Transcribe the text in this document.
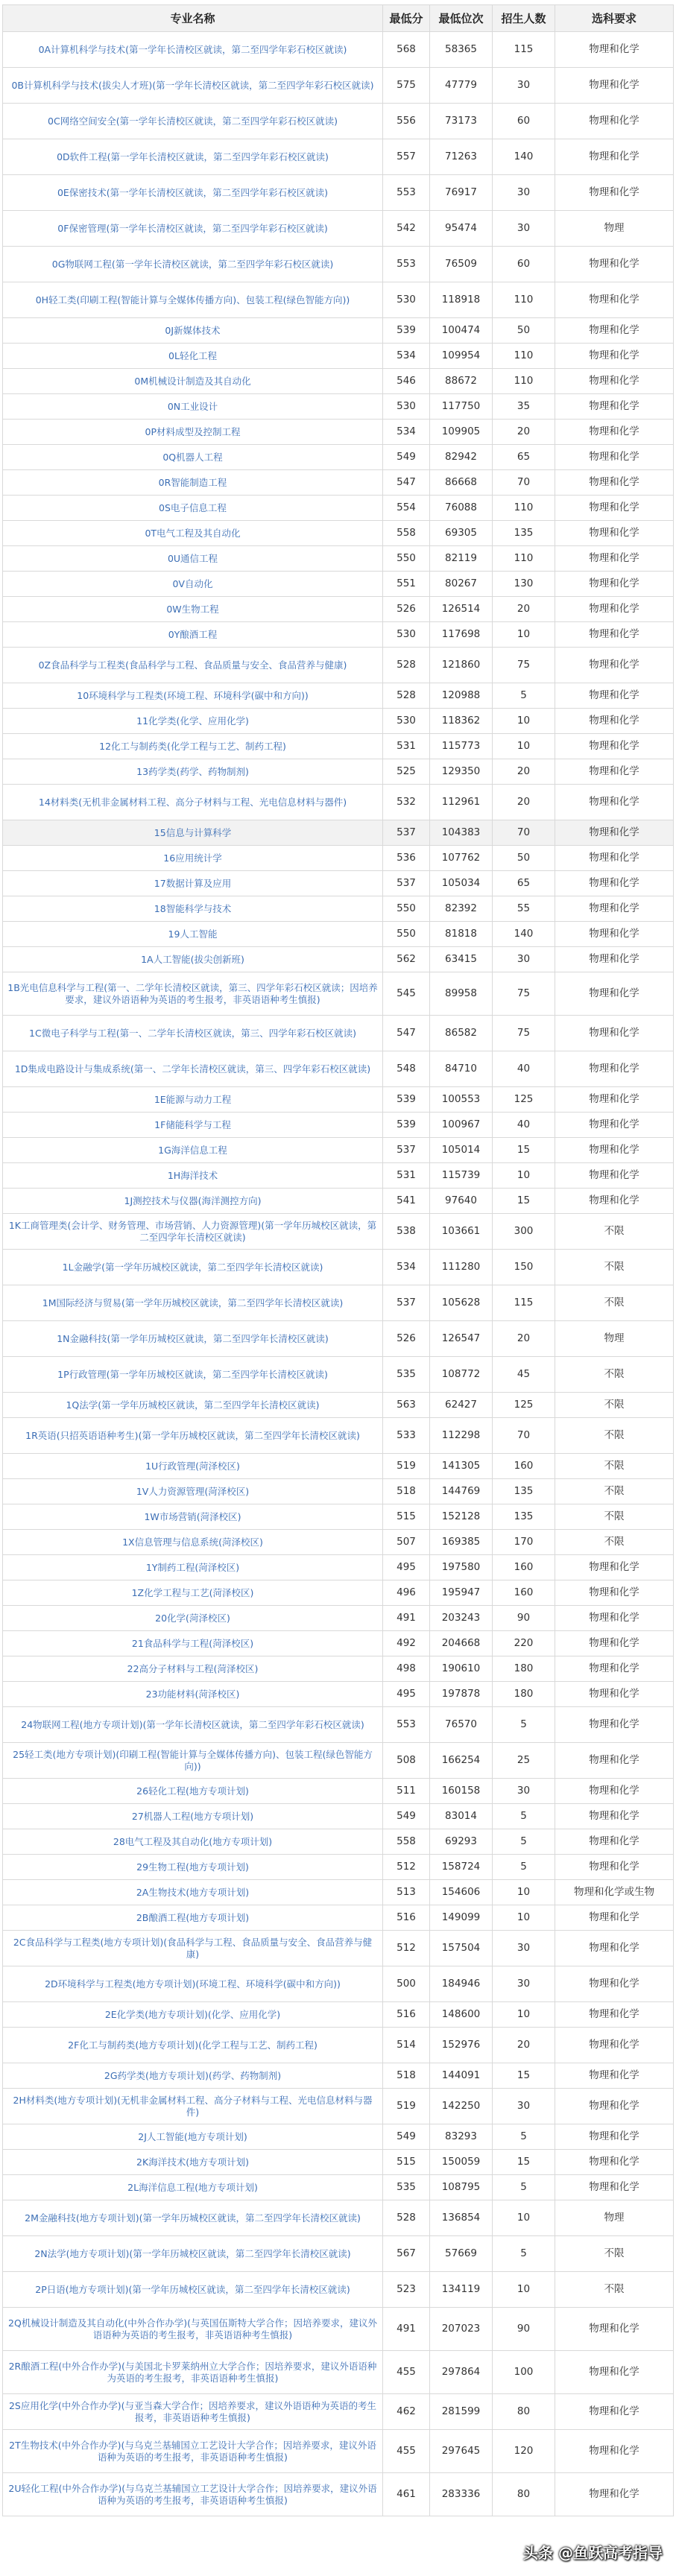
专业名称	最低分	最低位次	招生人数	选科要求
0A计算机科学与技术(第一学年长清校区就读，第二至四学年彩石校区就读)	568	58365	115	物理和化学
0B计算机科学与技术(拔尖人才班)(第一学年长清校区就读，第二至四学年彩石校区就读)	575	47779	30	物理和化学
0C网络空间安全(第一学年长清校区就读，第二至四学年彩石校区就读)	556	73173	60	物理和化学
0D软件工程(第一学年长清校区就读，第二至四学年彩石校区就读)	557	71263	140	物理和化学
0E保密技术(第一学年长清校区就读，第二至四学年彩石校区就读)	553	76917	30	物理和化学
0F保密管理(第一学年长清校区就读，第二至四学年彩石校区就读)	542	95474	30	物理
0G物联网工程(第一学年长清校区就读，第二至四学年彩石校区就读)	553	76509	60	物理和化学
0H轻工类(印刷工程(智能计算与全媒体传播方向)、包装工程(绿色智能方向))	530	118918	110	物理和化学
0J新媒体技术	539	100474	50	物理和化学
0L轻化工程	534	109954	110	物理和化学
0M机械设计制造及其自动化	546	88672	110	物理和化学
0N工业设计	530	117750	35	物理和化学
0P材料成型及控制工程	534	109905	20	物理和化学
0Q机器人工程	549	82942	65	物理和化学
0R智能制造工程	547	86668	70	物理和化学
0S电子信息工程	554	76088	110	物理和化学
0T电气工程及其自动化	558	69305	135	物理和化学
0U通信工程	550	82119	110	物理和化学
0V自动化	551	80267	130	物理和化学
0W生物工程	526	126514	20	物理和化学
0Y酿酒工程	530	117698	10	物理和化学
0Z食品科学与工程类(食品科学与工程、食品质量与安全、食品营养与健康)	528	121860	75	物理和化学
10环境科学与工程类(环境工程、环境科学(碳中和方向))	528	120988	5	物理和化学
11化学类(化学、应用化学)	530	118362	10	物理和化学
12化工与制药类(化学工程与工艺、制药工程)	531	115773	10	物理和化学
13药学类(药学、药物制剂)	525	129350	20	物理和化学
14材料类(无机非金属材料工程、高分子材料与工程、光电信息材料与器件)	532	112961	20	物理和化学
15信息与计算科学	537	104383	70	物理和化学
16应用统计学	536	107762	50	物理和化学
17数据计算及应用	537	105034	65	物理和化学
18智能科学与技术	550	82392	55	物理和化学
19人工智能	550	81818	140	物理和化学
1A人工智能(拔尖创新班)	562	63415	30	物理和化学
1B光电信息科学与工程(第一、二学年长清校区就读，第三、四学年彩石校区就读；因培养要求，建议外语语种为英语的考生报考，非英语语种考生慎报)	545	89958	75	物理和化学
1C微电子科学与工程(第一、二学年长清校区就读，第三、四学年彩石校区就读)	547	86582	75	物理和化学
1D集成电路设计与集成系统(第一、二学年长清校区就读，第三、四学年彩石校区就读)	548	84710	40	物理和化学
1E能源与动力工程	539	100553	125	物理和化学
1F储能科学与工程	539	100967	40	物理和化学
1G海洋信息工程	537	105014	15	物理和化学
1H海洋技术	531	115739	10	物理和化学
1J测控技术与仪器(海洋测控方向)	541	97640	15	物理和化学
1K工商管理类(会计学、财务管理、市场营销、人力资源管理)(第一学年历城校区就读，第二至四学年长清校区就读)	538	103661	300	不限
1L金融学(第一学年历城校区就读，第二至四学年长清校区就读)	534	111280	150	不限
1M国际经济与贸易(第一学年历城校区就读，第二至四学年长清校区就读)	537	105628	115	不限
1N金融科技(第一学年历城校区就读，第二至四学年长清校区就读)	526	126547	20	物理
1P行政管理(第一学年历城校区就读，第二至四学年长清校区就读)	535	108772	45	不限
1Q法学(第一学年历城校区就读，第二至四学年长清校区就读)	563	62427	125	不限
1R英语(只招英语语种考生)(第一学年历城校区就读，第二至四学年长清校区就读)	533	112298	70	不限
1U行政管理(菏泽校区)	519	141305	160	不限
1V人力资源管理(菏泽校区)	518	144769	135	不限
1W市场营销(菏泽校区)	515	152128	135	不限
1X信息管理与信息系统(菏泽校区)	507	169385	170	不限
1Y制药工程(菏泽校区)	495	197580	160	物理和化学
1Z化学工程与工艺(菏泽校区)	496	195947	160	物理和化学
20化学(菏泽校区)	491	203243	90	物理和化学
21食品科学与工程(菏泽校区)	492	204668	220	物理和化学
22高分子材料与工程(菏泽校区)	498	190610	180	物理和化学
23功能材料(菏泽校区)	495	197878	180	物理和化学
24物联网工程(地方专项计划)(第一学年长清校区就读，第二至四学年彩石校区就读)	553	76570	5	物理和化学
25轻工类(地方专项计划)(印刷工程(智能计算与全媒体传播方向)、包装工程(绿色智能方向))	508	166254	25	物理和化学
26轻化工程(地方专项计划)	511	160158	30	物理和化学
27机器人工程(地方专项计划)	549	83014	5	物理和化学
28电气工程及其自动化(地方专项计划)	558	69293	5	物理和化学
29生物工程(地方专项计划)	512	158724	5	物理和化学
2A生物技术(地方专项计划)	513	154606	10	物理和化学或生物
2B酿酒工程(地方专项计划)	516	149099	10	物理和化学
2C食品科学与工程类(地方专项计划)(食品科学与工程、食品质量与安全、食品营养与健康)	512	157504	30	物理和化学
2D环境科学与工程类(地方专项计划)(环境工程、环境科学(碳中和方向))	500	184946	30	物理和化学
2E化学类(地方专项计划)(化学、应用化学)	516	148600	10	物理和化学
2F化工与制药类(地方专项计划)(化学工程与工艺、制药工程)	514	152976	20	物理和化学
2G药学类(地方专项计划)(药学、药物制剂)	518	144091	15	物理和化学
2H材料类(地方专项计划)(无机非金属材料工程、高分子材料与工程、光电信息材料与器件)	519	142250	30	物理和化学
2J人工智能(地方专项计划)	549	83293	5	物理和化学
2K海洋技术(地方专项计划)	515	150059	15	物理和化学
2L海洋信息工程(地方专项计划)	535	108795	5	物理和化学
2M金融科技(地方专项计划)(第一学年历城校区就读，第二至四学年长清校区就读)	528	136854	10	物理
2N法学(地方专项计划)(第一学年历城校区就读，第二至四学年长清校区就读)	567	57669	5	不限
2P日语(地方专项计划)(第一学年历城校区就读，第二至四学年长清校区就读)	523	134119	10	不限
2Q机械设计制造及其自动化(中外合作办学)(与英国伍斯特大学合作；因培养要求，建议外语语种为英语的考生报考，非英语语种考生慎报)	491	207023	90	物理和化学
2R酿酒工程(中外合作办学)(与美国北卡罗莱纳州立大学合作；因培养要求，建议外语语种为英语的考生报考，非英语语种考生慎报)	455	297864	100	物理和化学
2S应用化学(中外合作办学)(与亚当森大学合作；因培养要求，建议外语语种为英语的考生报考，非英语语种考生慎报)	462	281599	80	物理和化学
2T生物技术(中外合作办学)(与乌克兰基辅国立工艺设计大学合作；因培养要求，建议外语语种为英语的考生报考，非英语语种考生慎报)	455	297645	120	物理和化学
2U轻化工程(中外合作办学)(与乌克兰基辅国立工艺设计大学合作；因培养要求，建议外语语种为英语的考生报考，非英语语种考生慎报)	461	283336	80	物理和化学
头条 @鱼跃高考指导
